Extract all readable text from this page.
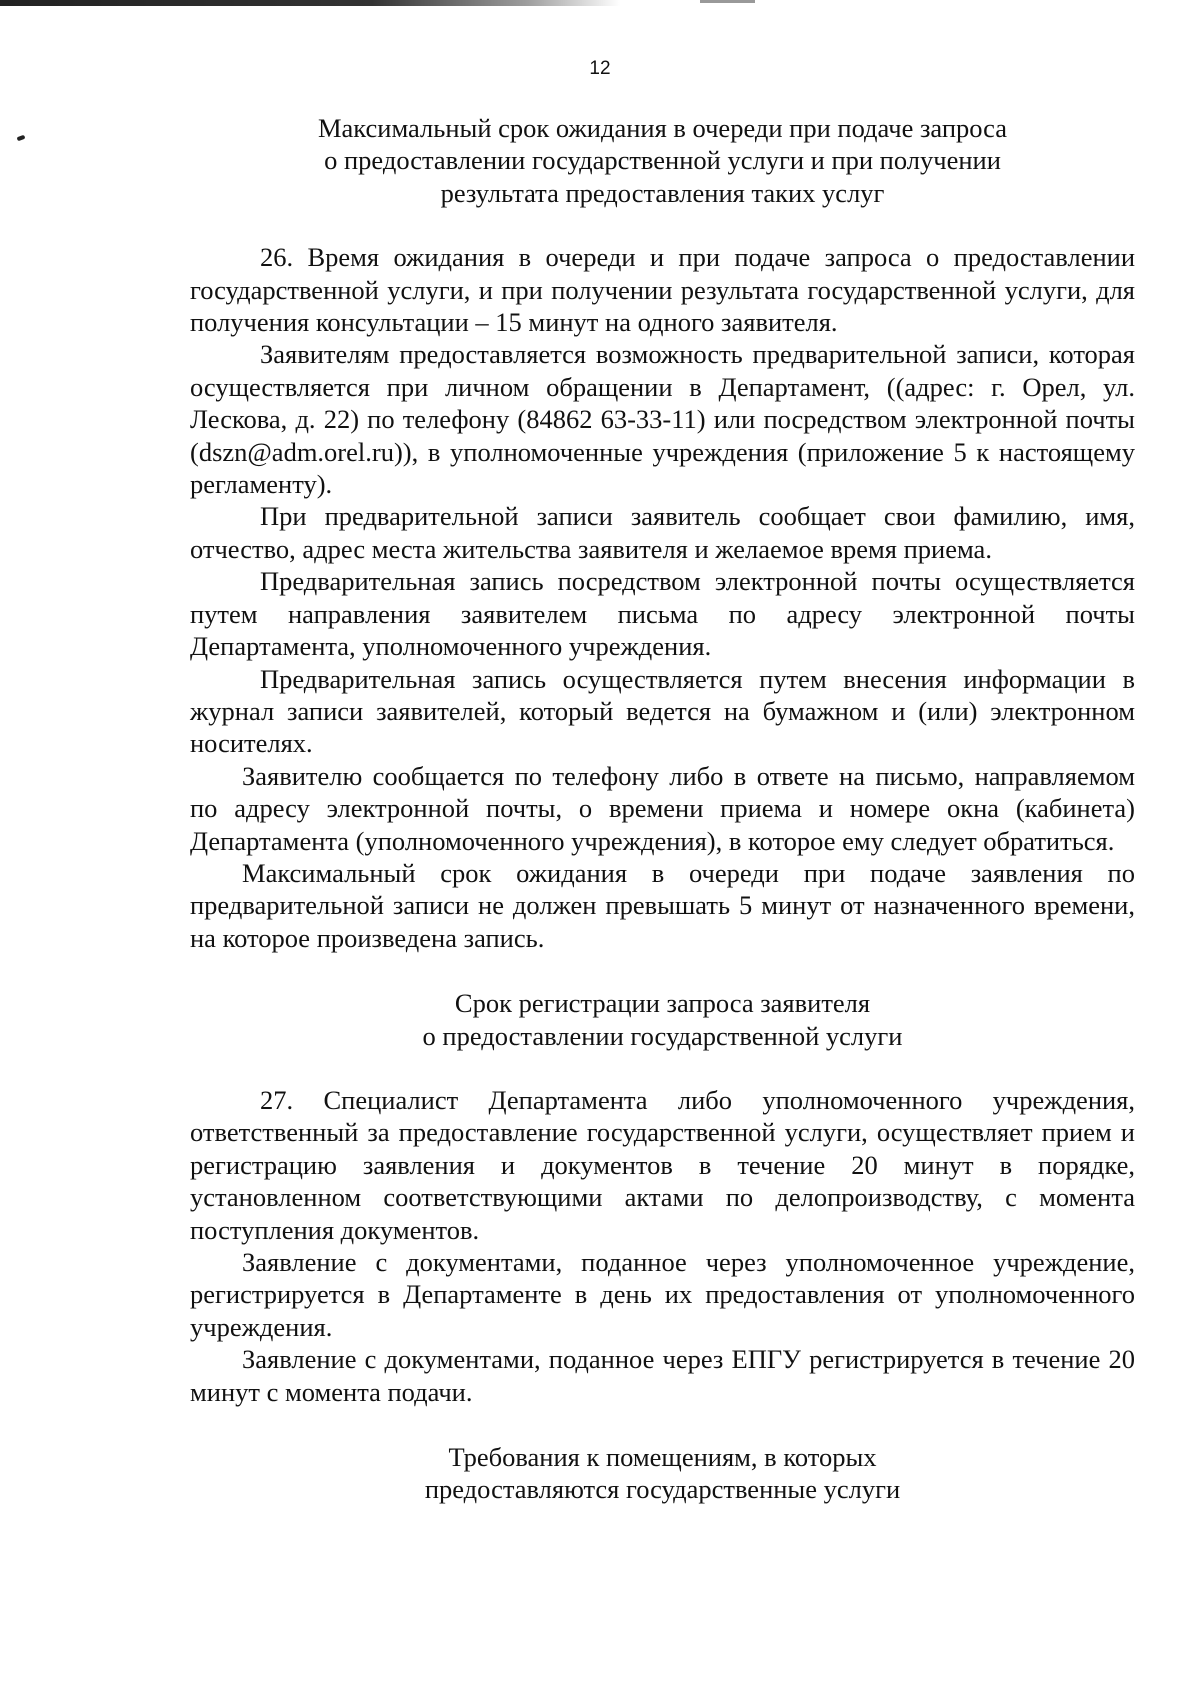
12

Максимальный срок ожидания в очереди при подаче запроса

о предоставлении государственной услуги и при получении

результата предоставления таких услуг

26. Время ожидания в очереди и при подаче запроса о предоставлении государственной услуги, и при получении результата государственной услуги, для получения консультации – 15 минут на одного заявителя.

Заявителям предоставляется возможность предварительной записи, которая осуществляется при личном обращении в Департамент, ((адрес: г. Орел, ул. Лескова, д. 22) по телефону (84862 63-33-11) или посредством электронной почты (dszn@adm.orel.ru)), в уполномоченные учреждения (приложение 5 к настоящему регламенту).

При предварительной записи заявитель сообщает свои фамилию, имя, отчество, адрес места жительства заявителя и желаемое время приема.

Предварительная запись посредством электронной почты осуществляется путем направления заявителем письма по адресу электронной почты Департамента, уполномоченного учреждения.

Предварительная запись осуществляется путем внесения информации в журнал записи заявителей, который ведется на бумажном и (или) электронном носителях.

Заявителю сообщается по телефону либо в ответе на письмо, направляемом по адресу электронной почты, о времени приема и номере окна (кабинета) Департамента (уполномоченного учреждения), в которое ему следует обратиться.

Максимальный срок ожидания в очереди при подаче заявления по предварительной записи не должен превышать 5 минут от назначенного времени, на которое произведена запись.

Срок регистрации запроса заявителя

о предоставлении государственной услуги

27. Специалист Департамента либо уполномоченного учреждения, ответственный за предоставление государственной услуги, осуществляет прием и регистрацию заявления и документов в течение 20 минут в порядке, установленном соответствующими актами по делопроизводству, с момента поступления документов.

Заявление с документами, поданное через уполномоченное учреждение, регистрируется в Департаменте в день их предоставления от уполномоченного учреждения.

Заявление с документами, поданное через ЕПГУ регистрируется в течение 20 минут с момента подачи.

Требования к помещениям, в которых

предоставляются государственные услуги
